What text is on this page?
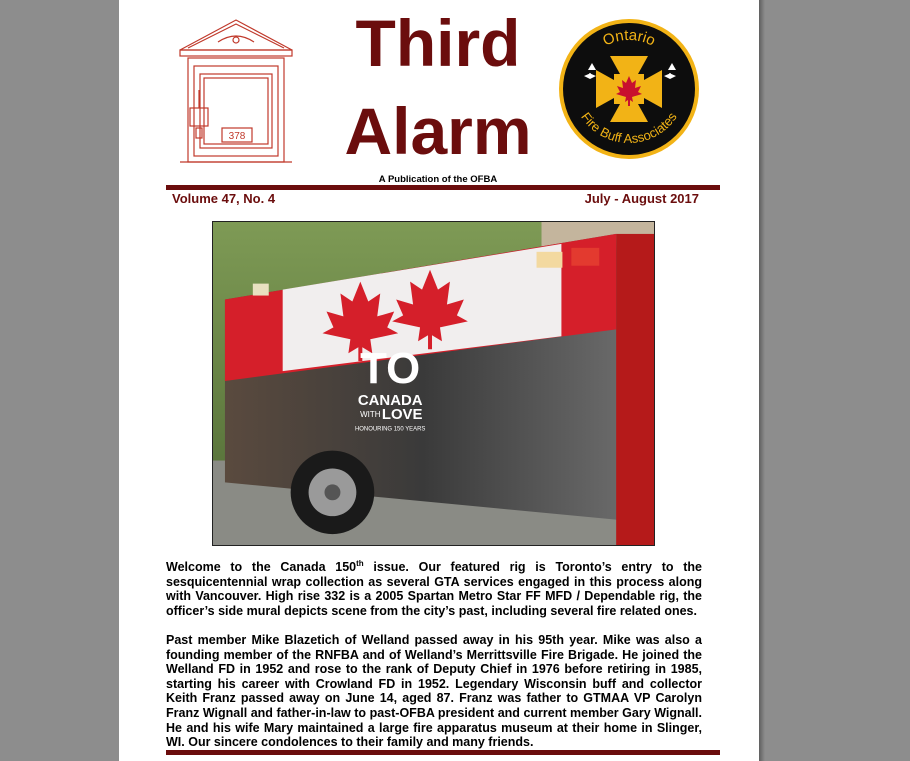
378
Third
Alarm
A Publication of the OFBA
Ontario
Fire Buff Associates
Volume 47, No. 4	July - August 2017
TO
CANADA
WITH LOVE
HONOURING 150 YEARS
Welcome to the Canada 150th issue. Our featured rig is Toronto’s entry to the sesquicentennial wrap collection as several GTA services engaged in this process along with Vancouver. High rise 332 is a 2005 Spartan Metro Star FF MFD / Dependable rig, the officer’s side mural depicts scene from the city’s past, including several fire related ones.
Past member Mike Blazetich of Welland passed away in his 95th year. Mike was also a founding member of the RNFBA and of Welland’s Merrittsville Fire Brigade. He joined the Welland FD in 1952 and rose to the rank of Deputy Chief in 1976 before retiring in 1985, starting his career with Crowland FD in 1952. Legendary Wisconsin buff and collector Keith Franz passed away on June 14, aged 87. Franz was father to GTMAA VP Carolyn Franz Wignall and father-in-law to past-OFBA president and current member Gary Wignall. He and his wife Mary maintained a large fire apparatus museum at their home in Slinger, WI. Our sincere condolences to their family and many friends.
